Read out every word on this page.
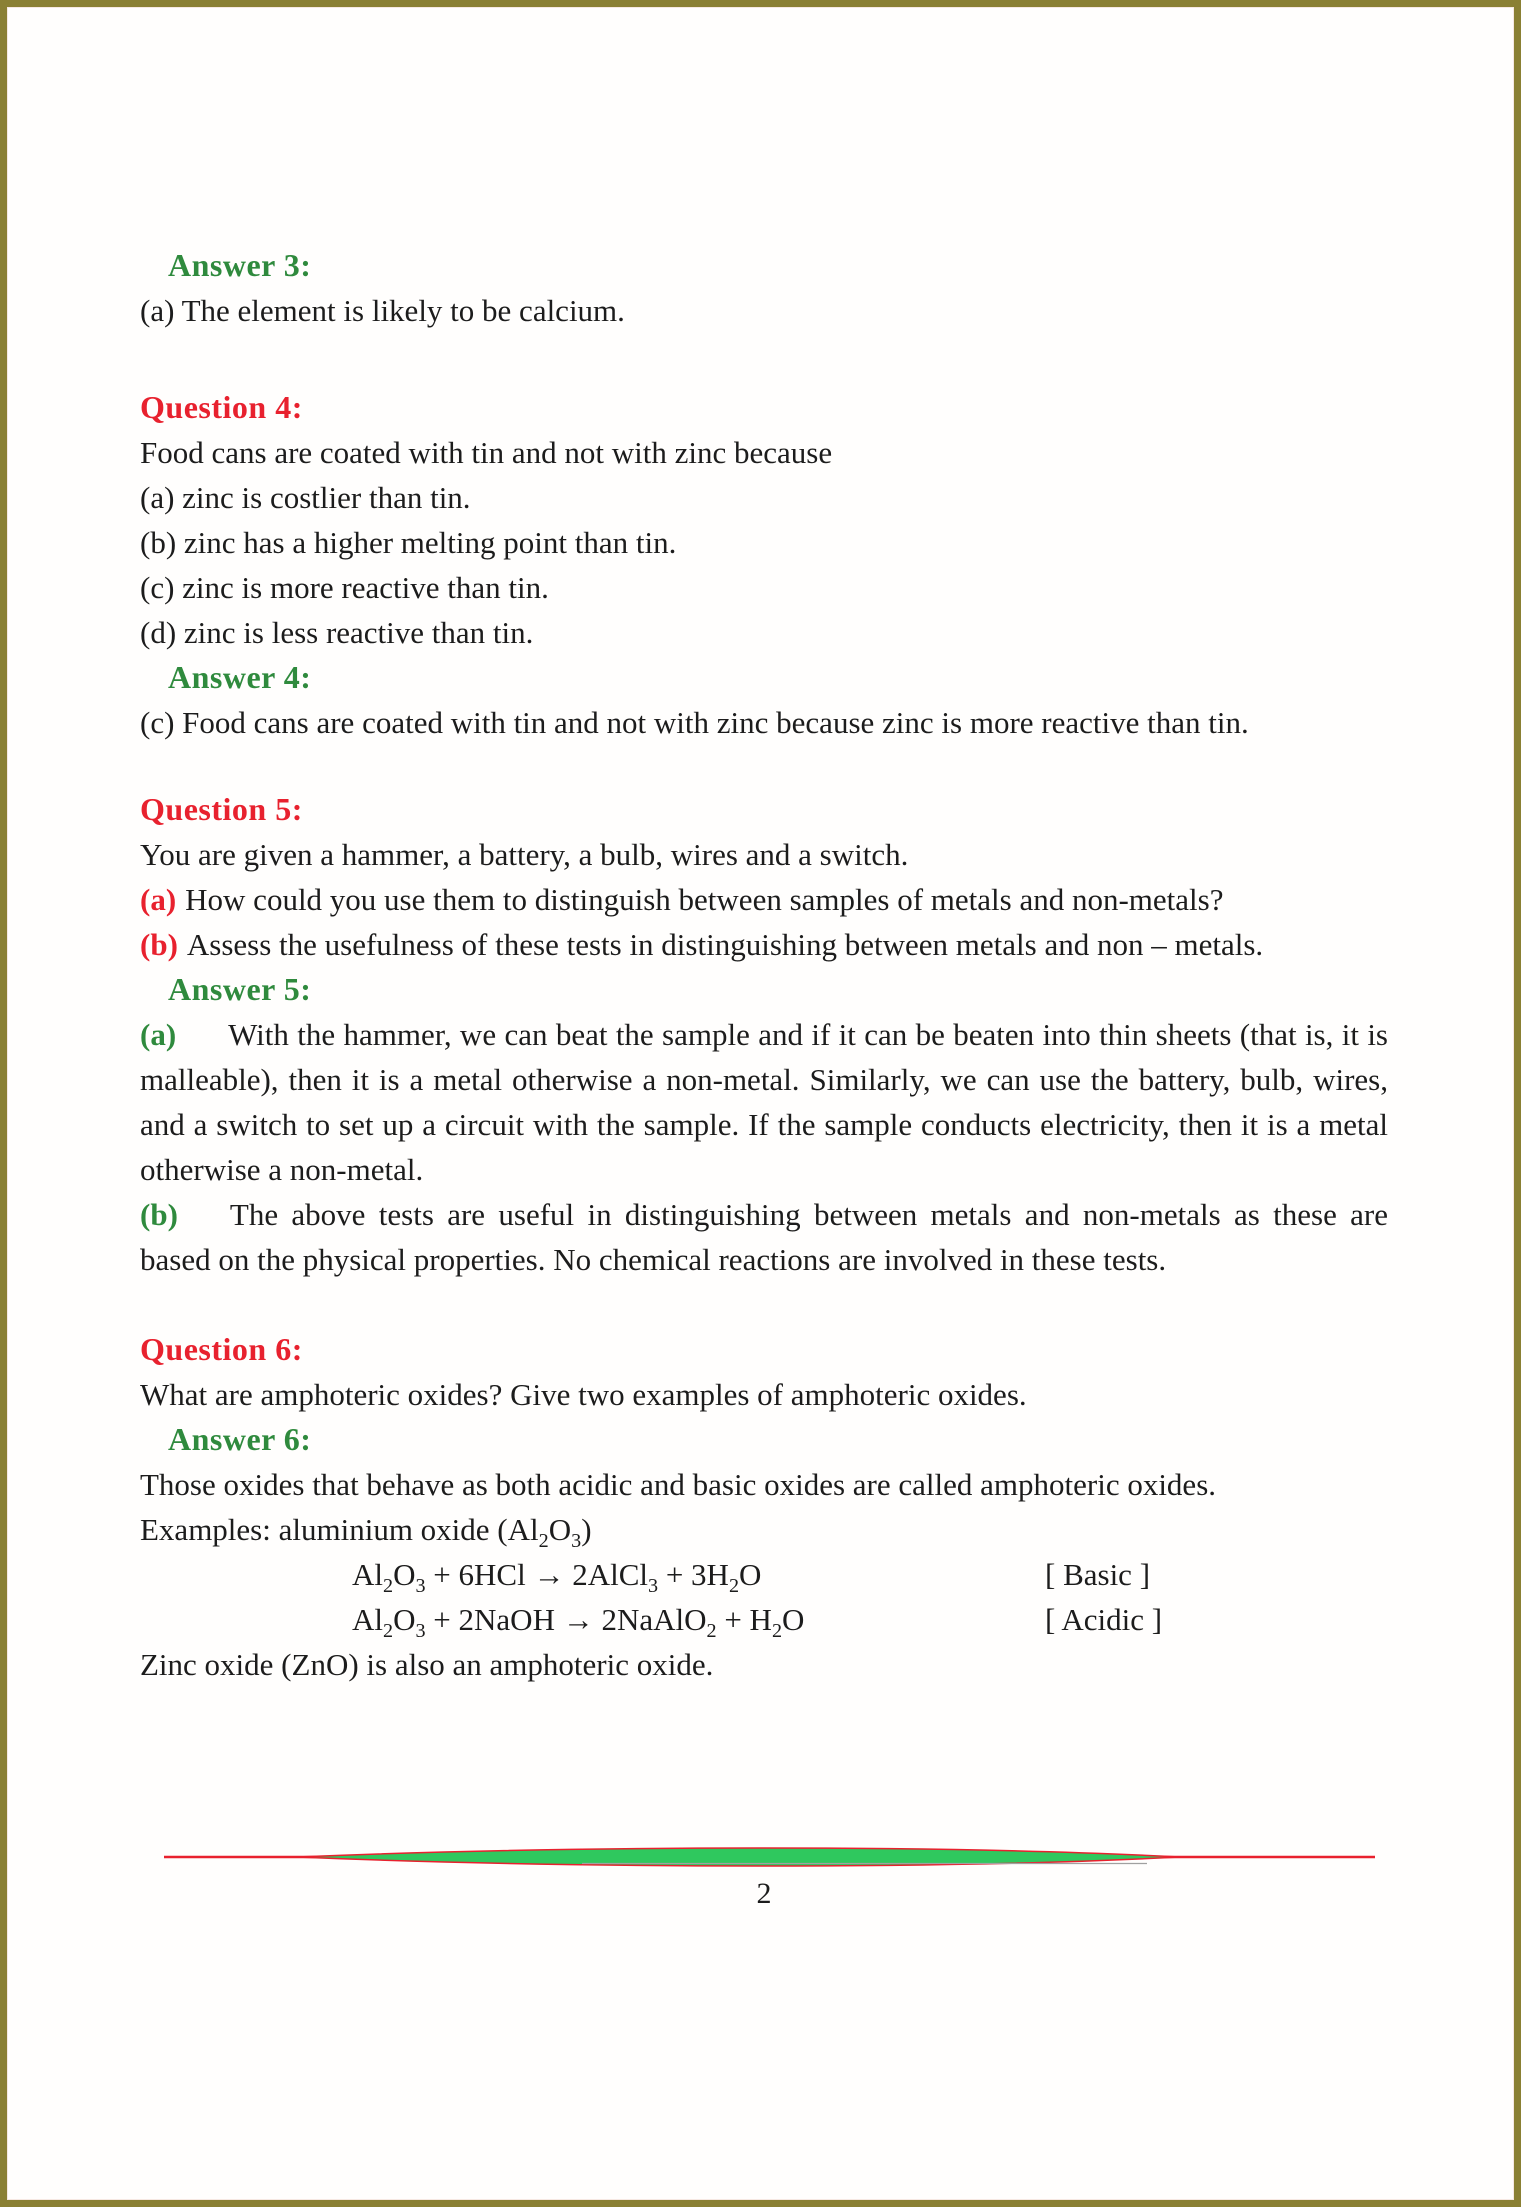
Answer 3:

(a) The element is likely to be calcium.

Question 4:

Food cans are coated with tin and not with zinc because

(a) zinc is costlier than tin.

(b) zinc has a higher melting point than tin.

(c) zinc is more reactive than tin.

(d) zinc is less reactive than tin.

Answer 4:

(c) Food cans are coated with tin and not with zinc because zinc is more reactive than tin.

Question 5:

You are given a hammer, a battery, a bulb, wires and a switch.

(a) How could you use them to distinguish between samples of metals and non-metals?

(b) Assess the usefulness of these tests in distinguishing between metals and non – metals.

Answer 5:

(a) With the hammer, we can beat the sample and if it can be beaten into thin sheets (that is, it is malleable), then it is a metal otherwise a non-metal. Similarly, we can use the battery, bulb, wires, and a switch to set up a circuit with the sample. If the sample conducts electricity, then it is a metal otherwise a non-metal.

(b) The above tests are useful in distinguishing between metals and non-metals as these are based on the physical properties. No chemical reactions are involved in these tests.

Question 6:

What are amphoteric oxides? Give two examples of amphoteric oxides.

Answer 6:

Those oxides that behave as both acidic and basic oxides are called amphoteric oxides.

Examples: aluminium oxide $(Al_2O_3)$

$Al_2O_3 + 6HCl$ → 2AlCl$_3$ + $3H_2O$	[ Basic ]

$Al_2O_3$ + 2NaOH → 2NaAlO$_2$ + $H_2O$	[ Acidic ]

Zinc oxide (ZnO) is also an amphoteric oxide.

2
